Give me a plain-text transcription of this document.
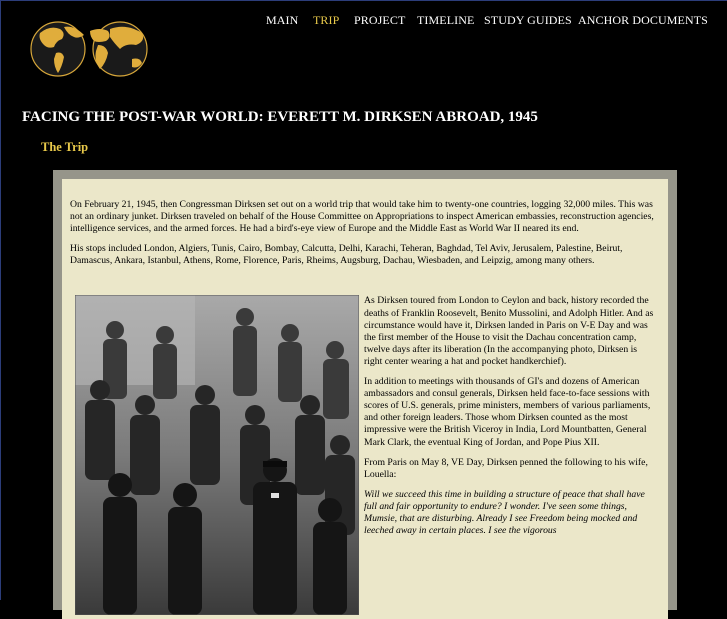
MAIN TRIP PROJECT TIMELINE STUDY GUIDES ANCHOR DOCUMENTS
FACING THE POST-WAR WORLD: EVERETT M. DIRKSEN ABROAD, 1945
The Trip

On February 21, 1945, then Congressman Dirksen set out on a world trip that would take him to twenty-one countries, logging 32,000 miles. This was not an ordinary junket. Dirksen traveled on behalf of the House Committee on Appropriations to inspect American embassies, reconstruction agencies, intelligence services, and the armed forces. He had a bird's-eye view of Europe and the Middle East as World War II neared its end.

His stops included London, Algiers, Tunis, Cairo, Bombay, Calcutta, Delhi, Karachi, Teheran, Baghdad, Tel Aviv, Jerusalem, Palestine, Beirut, Damascus, Ankara, Istanbul, Athens, Rome, Florence, Paris, Rheims, Augsburg, Dachau, Wiesbaden, and Leipzig, among many others.

As Dirksen toured from London to Ceylon and back, history recorded the deaths of Franklin Roosevelt, Benito Mussolini, and Adolph Hitler. And as circumstance would have it, Dirksen landed in Paris on V-E Day and was the first member of the House to visit the Dachau concentration camp, twelve days after its liberation (In the accompanying photo, Dirksen is right center wearing a hat and pocket handkerchief).

In addition to meetings with thousands of GI's and dozens of American ambassadors and consul generals, Dirksen held face-to-face sessions with scores of U.S. generals, prime ministers, members of various parliaments, and other foreign leaders. Those whom Dirksen counted as the most impressive were the British Viceroy in India, Lord Mountbatten, General Mark Clark, the eventual King of Jordan, and Pope Pius XII.

From Paris on May 8, VE Day, Dirksen penned the following to his wife, Louella:

Will we succeed this time in building a structure of peace that shall have full and fair opportunity to endure? I wonder. I've seen some things, Mumsie, that are disturbing. Already I see Freedom being mocked and leeched away in certain places. I see the vigorous
